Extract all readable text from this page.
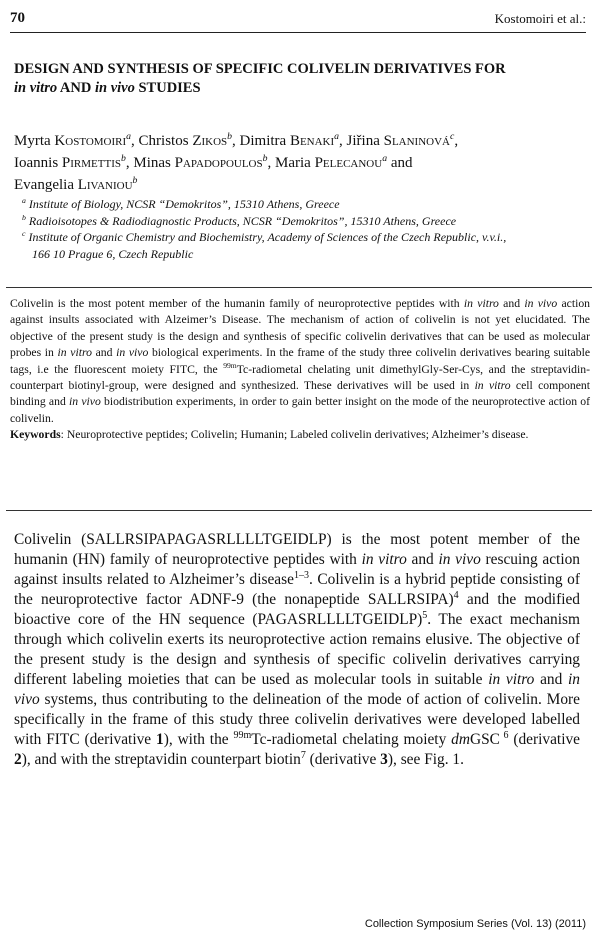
70	Kostomoiri et al.:
DESIGN AND SYNTHESIS OF SPECIFIC COLIVELIN DERIVATIVES FOR
in vitro AND in vivo STUDIES
Myrta Kostomoiri$^a$, Christos Zikos$^b$, Dimitra Benaki$^a$, Jiřina Slaninová$^c$,
Ioannis Pirmettis$^b$, Minas Papadopoulos$^b$, Maria Pelecanou$^a$ and
Evangelia Livaniou$^b$
$^a$ Institute of Biology, NCSR “Demokritos”, 15310 Athens, Greece
$^b$ Radioisotopes & Radiodiagnostic Products, NCSR “Demokritos”, 15310 Athens, Greece
$^c$ Institute of Organic Chemistry and Biochemistry, Academy of Sciences of the Czech Republic, v.v.i.,
166 10 Prague 6, Czech Republic

Colivelin is the most potent member of the humanin family of neuroprotective peptides with in vitro and in vivo action against insults associated with Alzeimer’s Disease. The mechanism of action of colivelin is not yet elucidated. The objective of the present study is the design and synthesis of specific colivelin derivatives that can be used as molecular probes in in vitro and in vivo biological experiments. In the frame of the study three colivelin derivatives bearing suitable tags, i.e the fluorescent moiety FITC, the $^{99m}$Tc-radiometal chelating unit dimethylGly-Ser-Cys, and the streptavidin-counterpart biotinyl-group, were designed and synthesized. These derivatives will be used in in vitro cell component binding and in vivo biodistribution experiments, in order to gain better insight on the mode of the neuroprotective action of colivelin.

Keywords: Neuroprotective peptides; Colivelin; Humanin; Labeled colivelin derivatives; Alzheimer’s disease.

Colivelin (SALLRSIPAPAGASRLLLLTGEIDLP) is the most potent member of the humanin (HN) family of neuroprotective peptides with in vitro and in vivo rescuing action against insults related to Alzheimer’s disease$^{1-3}$. Colivelin is a hybrid peptide consisting of the neuroprotective factor ADNF-9 (the nonapeptide SALLRSIPA)$^4$ and the modified bioactive core of the HN sequence (PAGASRLLLLTGEIDLP)$^5$. The exact mechanism through which colivelin exerts its neuroprotective action remains elusive. The objective of the present study is the design and synthesis of specific colivelin derivatives carrying different labeling moieties that can be used as molecular tools in suitable in vitro and in vivo systems, thus contributing to the delineation of the mode of action of colivelin. More specifically in the frame of this study three colivelin derivatives were developed labelled with FITC (derivative 1), with the $^{99m}$Tc-radiometal chelating moiety dmGSC $^6$ (derivative 2), and with the streptavidin counterpart biotin$^7$ (derivative 3), see Fig. 1.

Collection Symposium Series (Vol. 13) (2011)
